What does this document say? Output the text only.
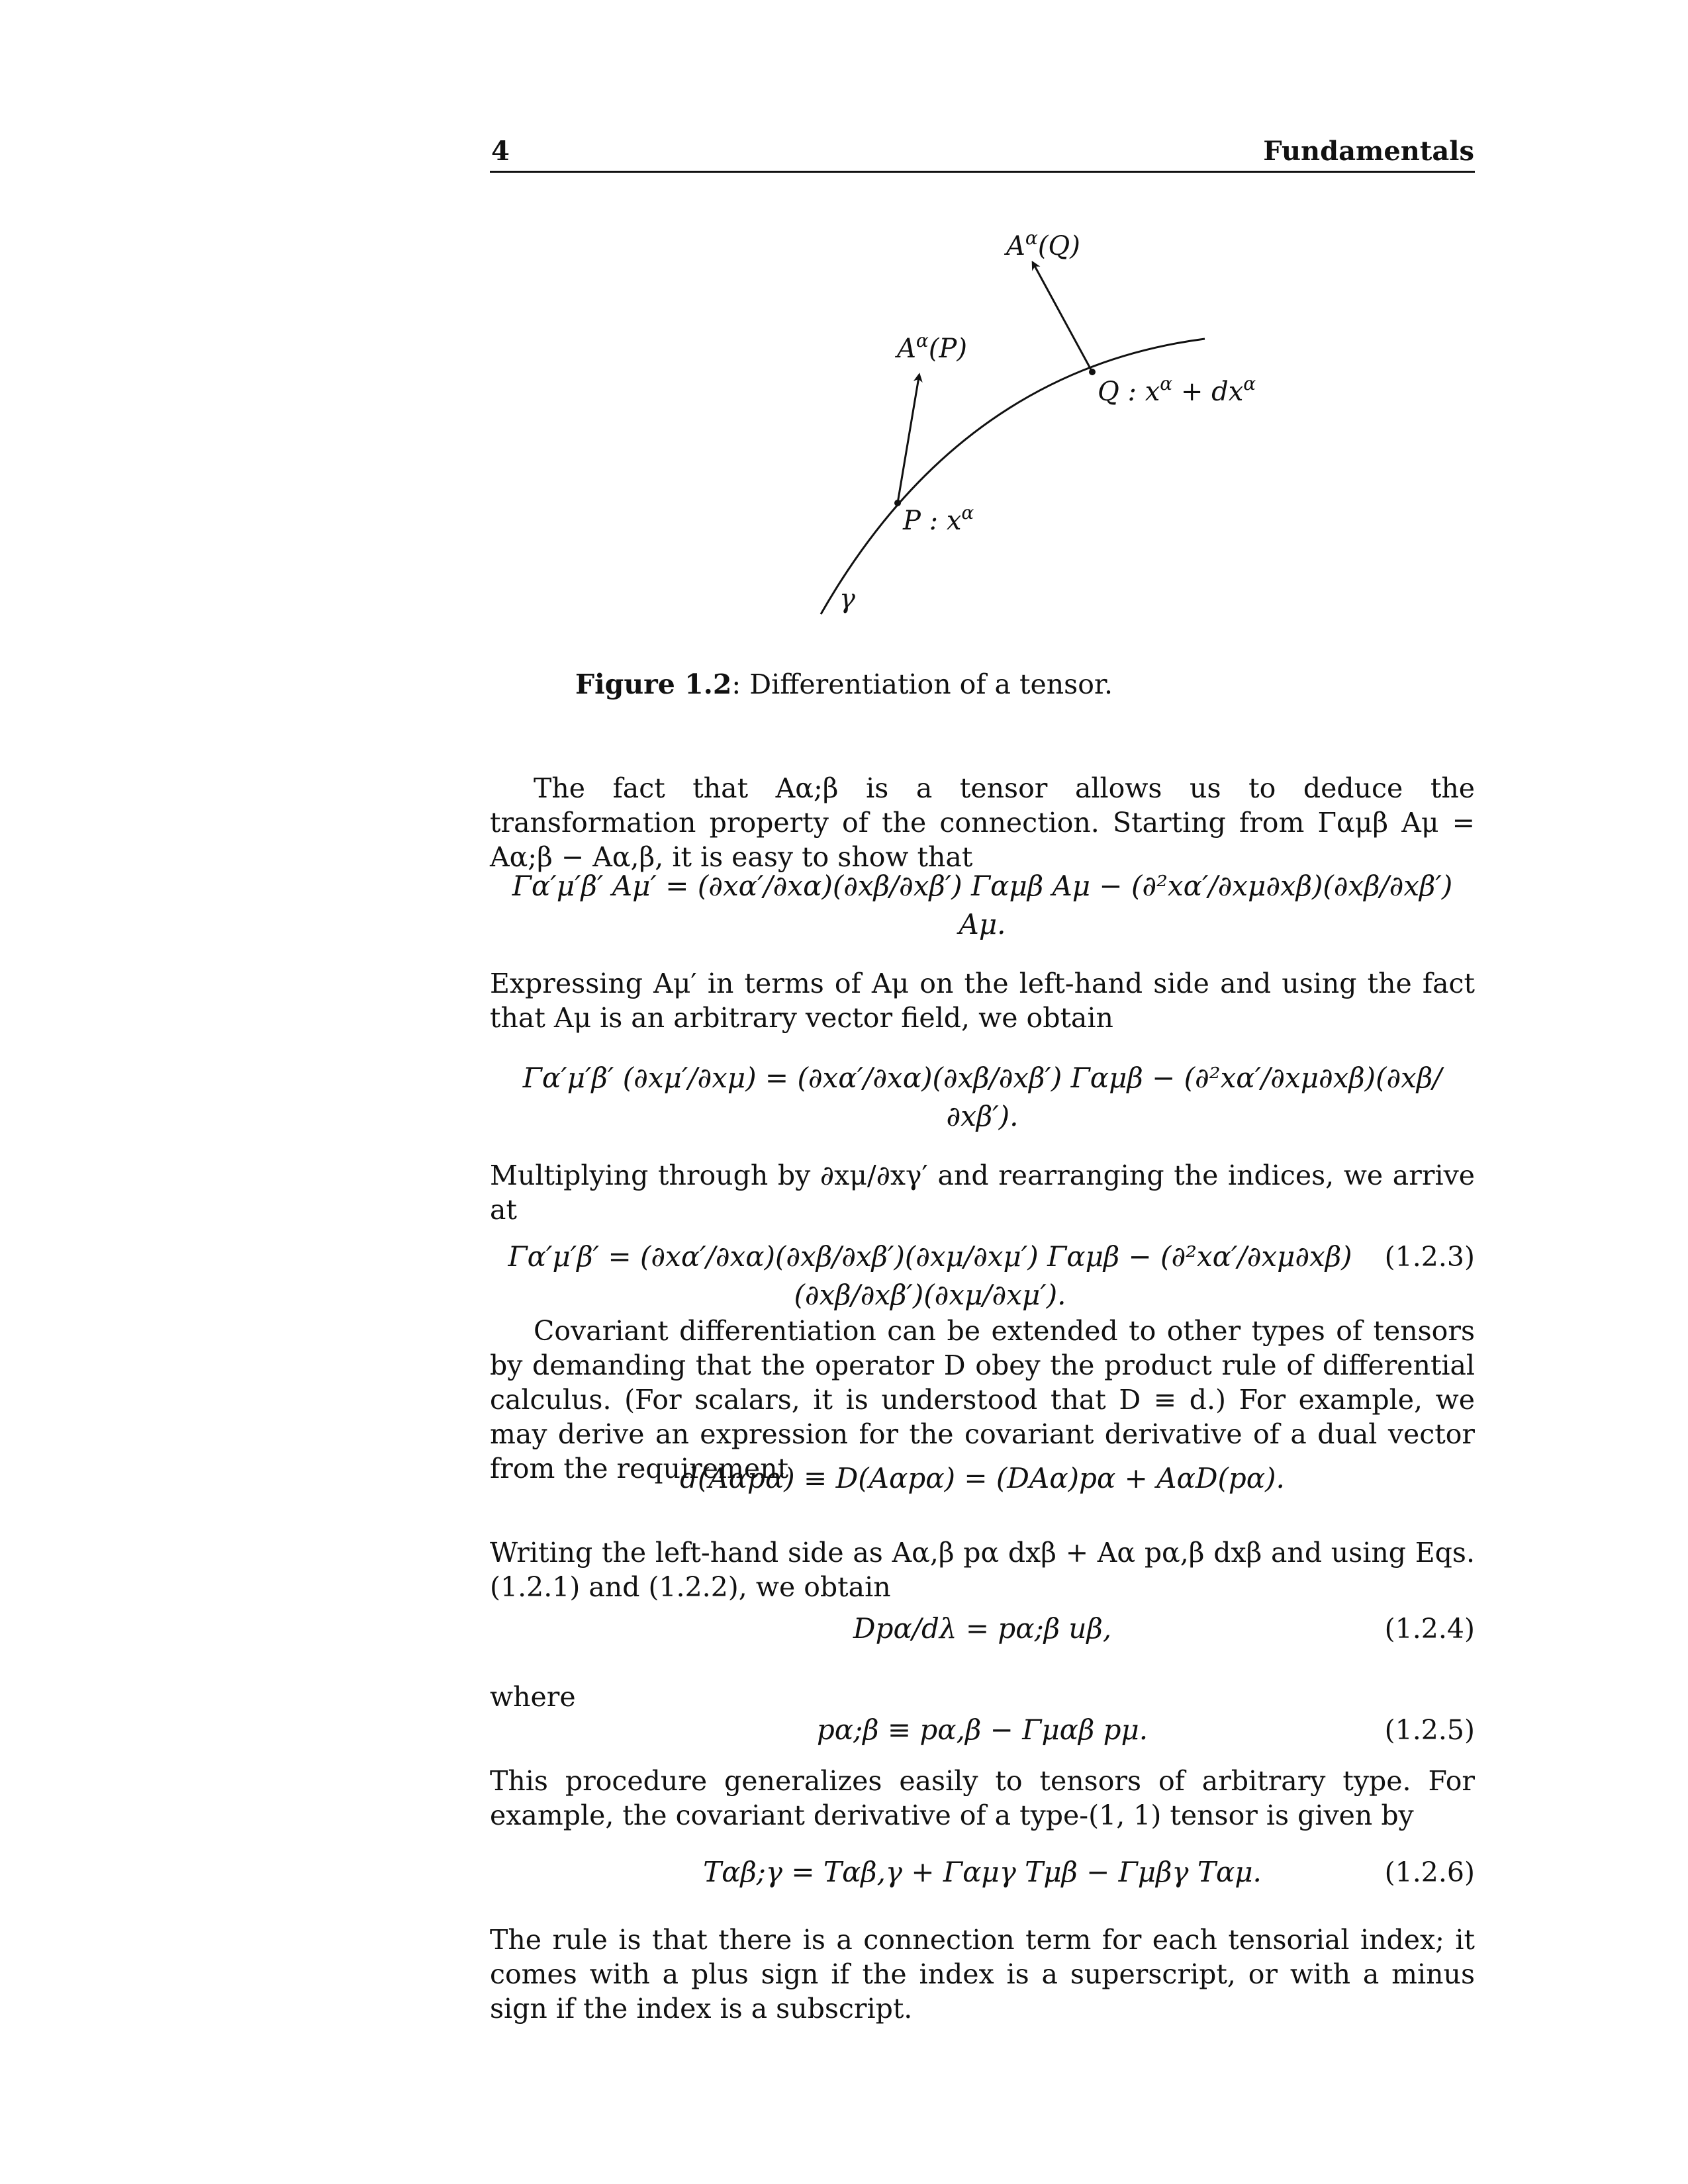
4	Fundamentals
$A^\alpha(Q)$
$A^\alpha(P)$
Q : $x^\alpha + dx^\alpha$
P : $x^\alpha$
γ
Figure 1.2: Differentiation of a tensor.
The fact that Aα;β is a tensor allows us to deduce the transformation property of the connection. Starting from Γαμβ Aμ = Aα;β − Aα,β, it is easy to show that
Γα′μ′β′ Aμ′ = (∂xα′/∂xα)(∂xβ/∂xβ′) Γαμβ Aμ − (∂²xα′/∂xμ∂xβ)(∂xβ/∂xβ′) Aμ.
Expressing Aμ′ in terms of Aμ on the left-hand side and using the fact that Aμ is an arbitrary vector field, we obtain
Γα′μ′β′ (∂xμ′/∂xμ) = (∂xα′/∂xα)(∂xβ/∂xβ′) Γαμβ − (∂²xα′/∂xμ∂xβ)(∂xβ/∂xβ′).
Multiplying through by ∂xμ/∂xγ′ and rearranging the indices, we arrive at
Γα′μ′β′ = (∂xα′/∂xα)(∂xβ/∂xβ′)(∂xμ/∂xμ′) Γαμβ − (∂²xα′/∂xμ∂xβ)(∂xβ/∂xβ′)(∂xμ/∂xμ′).
(1.2.3)
Covariant differentiation can be extended to other types of tensors by demanding that the operator D obey the product rule of differential calculus. (For scalars, it is understood that D ≡ d.) For example, we may derive an expression for the covariant derivative of a dual vector from the requirement
d(Aαpα) ≡ D(Aαpα) = (DAα)pα + AαD(pα).
Writing the left-hand side as Aα,β pα dxβ + Aα pα,β dxβ and using Eqs. (1.2.1) and (1.2.2), we obtain
Dpα/dλ = pα;β uβ,	(1.2.4)
where
pα;β ≡ pα,β − Γμαβ pμ.	(1.2.5)
This procedure generalizes easily to tensors of arbitrary type. For example, the covariant derivative of a type-(1, 1) tensor is given by
Tαβ;γ = Tαβ,γ + Γαμγ Tμβ − Γμβγ Tαμ.	(1.2.6)
The rule is that there is a connection term for each tensorial index; it comes with a plus sign if the index is a superscript, or with a minus sign if the index is a subscript.
